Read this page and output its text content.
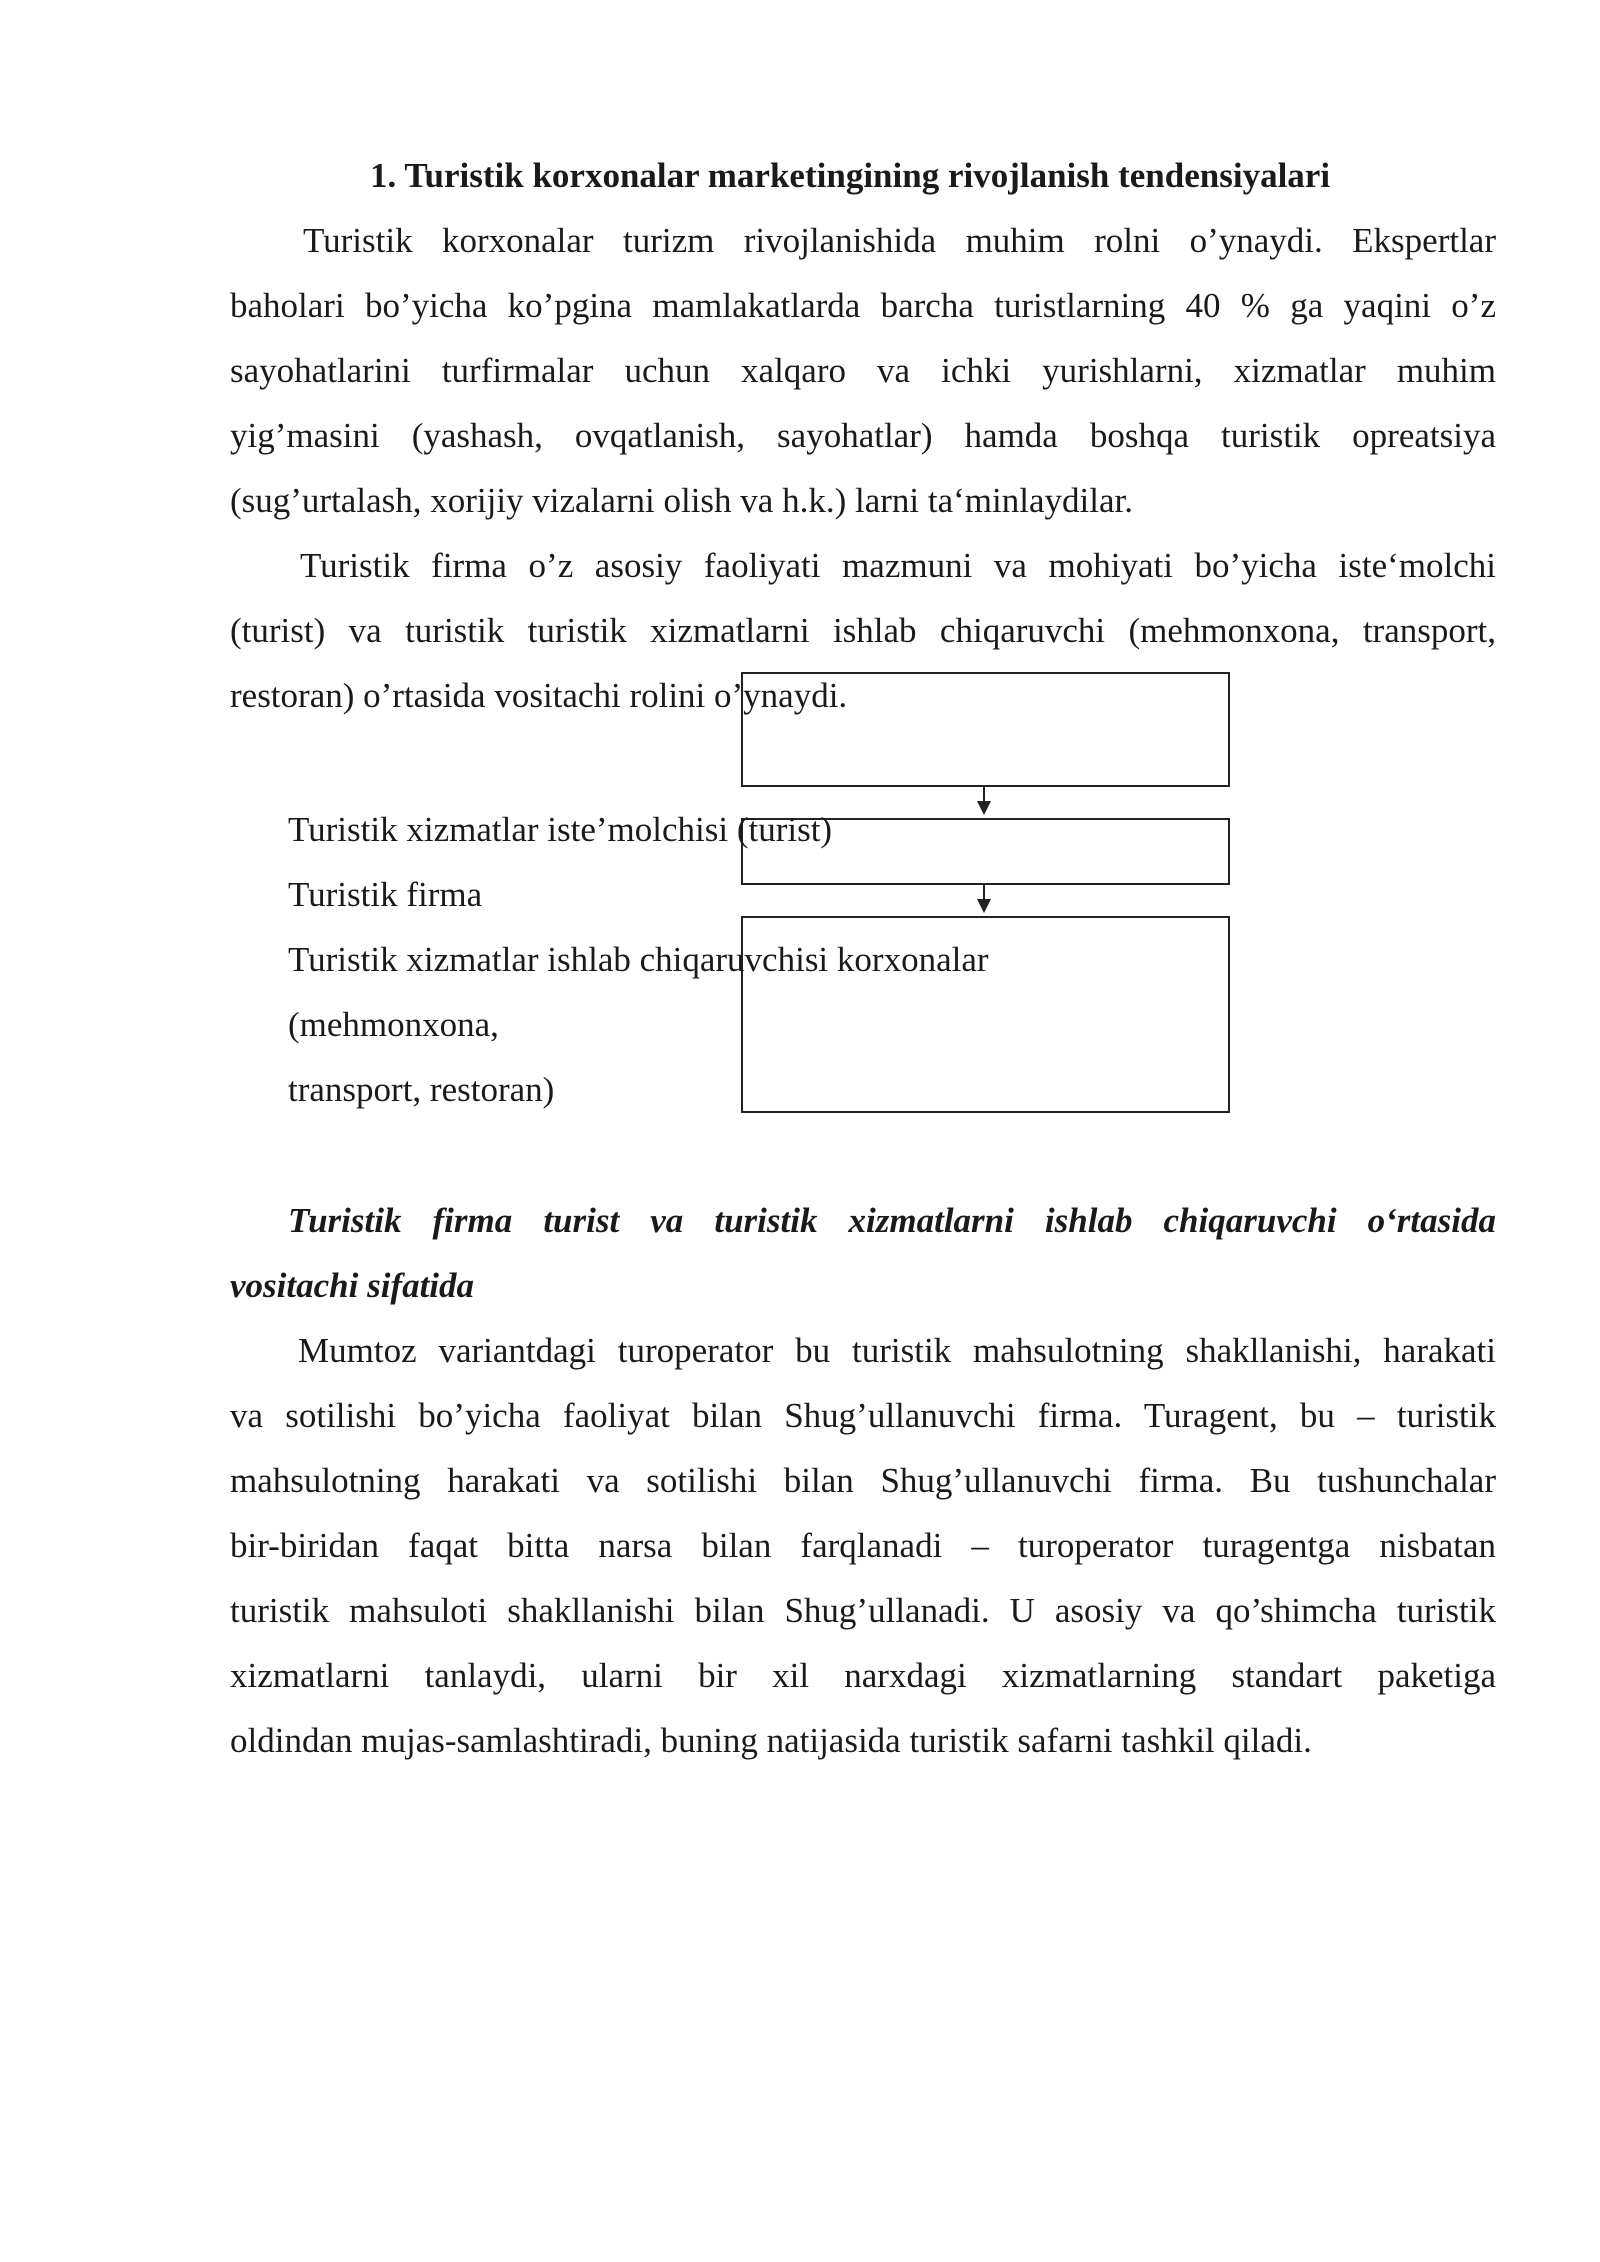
1. Turistik korxonalar marketingining rivojlanish tendensiyalari
Turistik korxonalar turizm rivojlanishida muhim rolni o’ynaydi. Ekspertlar
baholari bo’yicha ko’pgina mamlakatlarda barcha turistlarning 40 % ga yaqini o’z
sayohatlarini turfirmalar uchun xalqaro va ichki yurishlarni, xizmatlar muhim
yig’masini (yashash, ovqatlanish, sayohatlar) hamda boshqa turistik opreatsiya
(sug’urtalash, xorijiy vizalarni olish va h.k.) larni ta‘minlaydilar.
Turistik firma o’z asosiy faoliyati mazmuni va mohiyati bo’yicha iste‘molchi
(turist) va turistik turistik xizmatlarni ishlab chiqaruvchi (mehmonxona, transport,
restoran) o’rtasida vositachi rolini o’ynaydi.
Turistik xizmatlar iste’molchisi (turist)
Turistik firma
Turistik xizmatlar ishlab chiqaruvchisi korxonalar
(mehmonxona,
transport, restoran)
Turistik firma turist va turistik xizmatlarni ishlab chiqaruvchi o‘rtasida
vositachi sifatida
Mumtoz variantdagi turoperator bu turistik mahsulotning shakllanishi, harakati
va sotilishi bo’yicha faoliyat bilan Shug’ullanuvchi firma. Turagent, bu – turistik
mahsulotning harakati va sotilishi bilan Shug’ullanuvchi firma. Bu tushunchalar
bir-biridan faqat bitta narsa bilan farqlanadi – turoperator turagentga nisbatan
turistik mahsuloti shakllanishi bilan Shug’ullanadi. U asosiy va qo’shimcha turistik
xizmatlarni tanlaydi, ularni bir xil narxdagi xizmatlarning standart paketiga
oldindan mujas-samlashtiradi, buning natijasida turistik safarni tashkil qiladi.
